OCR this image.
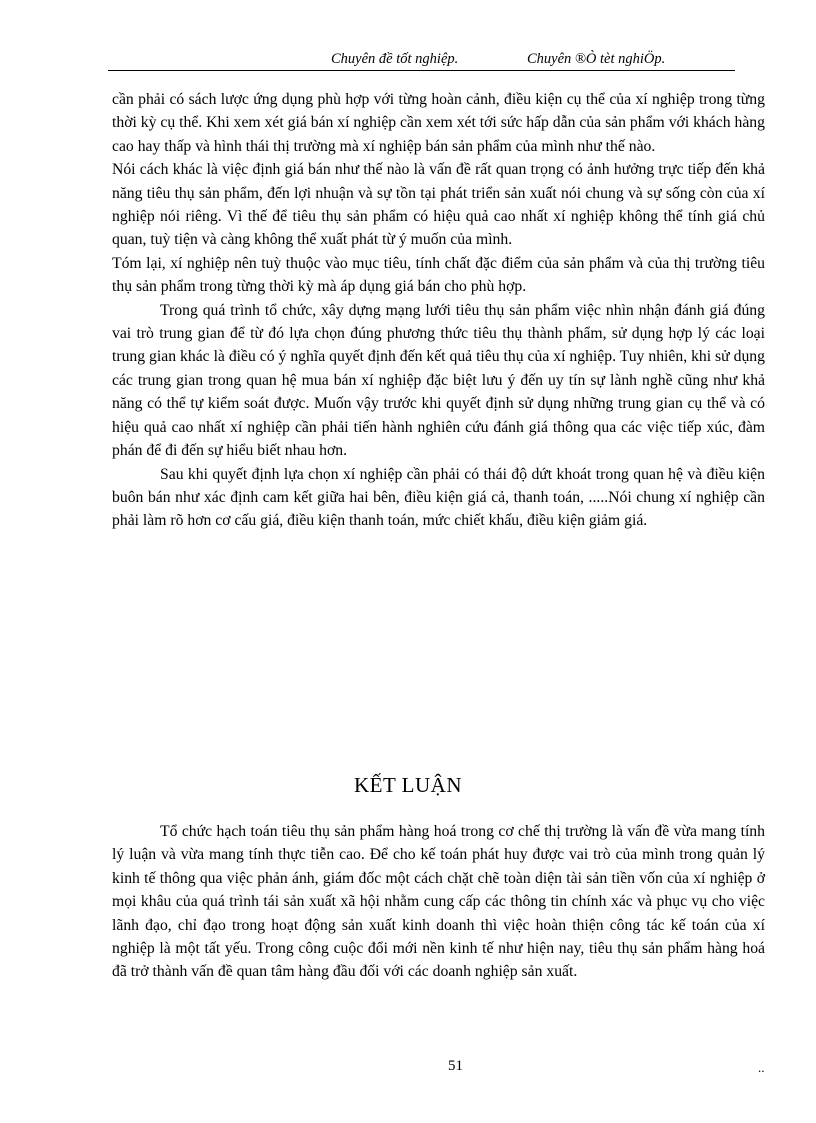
Chuyên đề tốt nghiệp.	Chuyên ®Ò tèt nghiÖp.

cần phải có sách lược ứng dụng phù hợp với từng hoàn cảnh, điều kiện cụ thể của xí nghiệp trong từng thời kỳ cụ thể. Khi xem xét giá bán xí nghiệp cần xem xét tới sức hấp dẫn của sản phẩm với khách hàng cao hay thấp và hình thái thị trường mà xí nghiệp bán sản phẩm của mình như thế nào.

Nói cách khác là việc định giá bán như thế nào là vấn đề rất quan trọng có ảnh hưởng trực tiếp đến khả năng tiêu thụ sản phẩm, đến lợi nhuận và sự tồn tại phát triển sản xuất nói chung và sự sống còn của xí nghiệp nói riêng. Vì thế để tiêu thụ sản phẩm có hiệu quả cao nhất xí nghiệp không thể tính giá chủ quan, tuỳ tiện và càng không thể xuất phát từ ý muốn của mình.

Tóm lại, xí nghiệp nên tuỳ thuộc vào mục tiêu, tính chất đặc điểm của sản phẩm và của thị trường tiêu thụ sản phẩm trong từng thời kỳ mà áp dụng giá bán cho phù hợp.

Trong quá trình tổ chức, xây dựng mạng lưới tiêu thụ sản phẩm việc nhìn nhận đánh giá đúng vai trò trung gian để từ đó lựa chọn đúng phương thức tiêu thụ thành phẩm, sử dụng hợp lý các loại trung gian khác là điều có ý nghĩa quyết định đến kết quả tiêu thụ của xí nghiệp. Tuy nhiên, khi sử dụng các trung gian trong quan hệ mua bán xí nghiệp đặc biệt lưu ý đến uy tín sự lành nghề cũng như khả năng có thể tự kiểm soát được. Muốn vậy trước khi quyết định sử dụng những trung gian cụ thể và có hiệu quả cao nhất xí nghiệp cần phải tiến hành nghiên cứu đánh giá thông qua các việc tiếp xúc, đàm phán để đi đến sự hiểu biết nhau hơn.

Sau khi quyết định lựa chọn xí nghiệp cần phải có thái độ dứt khoát trong quan hệ và điều kiện buôn bán như xác định cam kết giữa hai bên, điều kiện giá cả, thanh toán, .....Nói chung xí nghiệp cần phải làm rõ hơn cơ cấu giá, điều kiện thanh toán, mức chiết khấu, điều kiện giảm giá.

KẾT LUẬN

Tổ chức hạch toán tiêu thụ sản phẩm hàng hoá trong cơ chế thị trường là vấn đề vừa mang tính lý luận và vừa mang tính thực tiễn cao. Để cho kế toán phát huy được vai trò của mình trong quản lý kinh tế thông qua việc phản ánh, giám đốc một cách chặt chẽ toàn diện tài sản tiền vốn của xí nghiệp ở mọi khâu của quá trình tái sản xuất xã hội nhằm cung cấp các thông tin chính xác và phục vụ cho việc lãnh đạo, chỉ đạo trong hoạt động sản xuất kinh doanh thì việc hoàn thiện công tác kế toán của xí nghiệp là một tất yếu. Trong công cuộc đổi mới nền kinh tế như hiện nay, tiêu thụ sản phẩm hàng hoá đã trở thành vấn đề quan tâm hàng đầu đối với các doanh nghiệp sản xuất.

51	..
